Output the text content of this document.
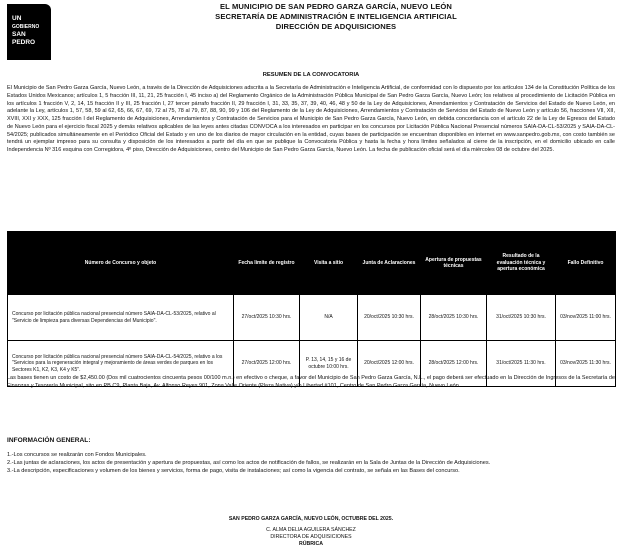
UN
GOBIERNO
SAN
PEDRO
EL MUNICIPIO DE SAN PEDRO GARZA GARCÍA, NUEVO LEÓN
SECRETARÍA DE ADMINISTRACIÓN E INTELIGENCIA ARTIFICIAL
DIRECCIÓN DE ADQUISICIONES
RESUMEN DE LA CONVOCATORIA
El Municipio de San Pedro Garza García, Nuevo León, a través de la Dirección de Adquisiciones adscrita a la Secretaría de Administración e Inteligencia Artificial, de conformidad con lo dispuesto por los artículos 134 de la Constitución Política de los Estados Unidos Mexicanos; artículos 1, 5 fracción III, 11, 21, 25 fracción I, 45 inciso a) del Reglamento Orgánico de la Administración Pública Municipal de San Pedro Garza García, Nuevo León; los relativos al procedimiento de Licitación Pública en los artículos 1 fracción V, 2, 14, 15 fracción II y III, 25 fracción I, 27 tercer párrafo fracción II, 29 fracción I, 31, 33, 35, 37, 39, 40, 46, 48 y 50 de la Ley de Adquisiciones, Arrendamientos y Contratación de Servicios del Estado de Nuevo León, en adelante la Ley, artículos 1, 57, 58, 59 al 62, 65, 66, 67, 69, 72 al 75, 78 al 79, 87, 88, 90, 99 y 106 del Reglamento de la Ley de Adquisiciones, Arrendamientos y Contratación de Servicios del Estado de Nuevo León y artículo 56, fracciones VII, XII, XVIII, XXI y XXX, 125 fracción I del Reglamento de Adquisiciones, Arrendamientos y Contratación de Servicios para el Municipio de San Pedro Garza García, Nuevo León, en debida concordancia con el artículo 22 de la Ley de Egresos del Estado de Nuevo León para el ejercicio fiscal 2025 y demás relativos aplicables de las leyes antes citadas CONVOCA a los interesados en participar en los concursos por Licitación Pública Nacional Presencial números SAIA-DA-CL-53/2025 y SAIA-DA-CL-54/2025; publicados simultáneamente en el Periódico Oficial del Estado y en uno de los diarios de mayor circulación en la entidad, cuyas bases de participación se encuentran disponibles en internet en www.sanpedro.gob.mx, con costo también se tendrá un ejemplar impreso para su consulta y disposición de los interesados a partir del día en que se publique la Convocatoria Pública y hasta la fecha y hora límites señalados al cierre de la inscripción, en el domicilio ubicado en calle Independencia Nº 316 esquina con Corregidora, 4º piso, Dirección de Adquisiciones, centro del Municipio de San Pedro Garza García, Nuevo León. La fecha de publicación oficial será el día miércoles 08 de octubre del 2025.
Número de Concurso y objeto	Fecha límite de registro	Visita a sitio	Junta de Aclaraciones	Apertura de propuestas técnicas	Resultado de la evaluación técnica y apertura económica	Fallo Definitivo
Concurso por licitación pública nacional presencial número SAIA-DA-CL-53/2025, relativo al "Servicio de limpieza para diversas Dependencias del Municipio".	27/oct/2025 10:30 hrs.	N/A	20/oct/2025 10:30 hrs.	28/oct/2025 10:30 hrs.	31/oct/2025 10:30 hrs.	03/nov/2025 11:00 hrs.
Concurso por licitación pública nacional presencial número SAIA-DA-CL-54/2025, relativo a los "Servicios para la regeneración integral y mejoramiento de áreas verdes de parques en los Sectores K1, K2, K3, K4 y K5".	27/oct/2025 12:00 hrs.	P. 13, 14, 15 y 16 de octubre 10:00 hrs.	20/oct/2025 12:00 hrs.	28/oct/2025 12:00 hrs.	31/oct/2025 11:30 hrs.	03/nov/2025 11:30 hrs.
Las bases tienen un costo de $2,450.00 (Dos mil cuatrocientos cincuenta pesos 00/100 m.n.) en efectivo o cheque, a favor del Municipio de San Pedro Garza García, N.L., el pago deberá ser efectuado en la Dirección de Ingresos de la Secretaría de Finanzas y Tesorería Municipal, sito en PB C9, Planta Baja, Av. Alfonso Reyes 901, Zona Valle Oriente (Plaza Nativa) y/o Libertad #101, Centro de San Pedro Garza García, Nuevo León.
INFORMACIÓN GENERAL:
1.-Los concursos se realizarán con Fondos Municipales.
2.-Las juntas de aclaraciones, los actos de presentación y apertura de propuestas, así como los actos de notificación de fallos, se realizarán en la Sala de Juntas de la Dirección de Adquisiciones.
3.-La descripción, especificaciones y volumen de los bienes y servicios, forma de pago, visita de instalaciones; así como la vigencia del contrato, se señala en las Bases del concurso.
SAN PEDRO GARZA GARCÍA, NUEVO LEÓN, OCTUBRE DEL 2025.
C. ALMA DELIA AGUILERA SÁNCHEZ
DIRECTORA DE ADQUISICIONES
RÚBRICA
